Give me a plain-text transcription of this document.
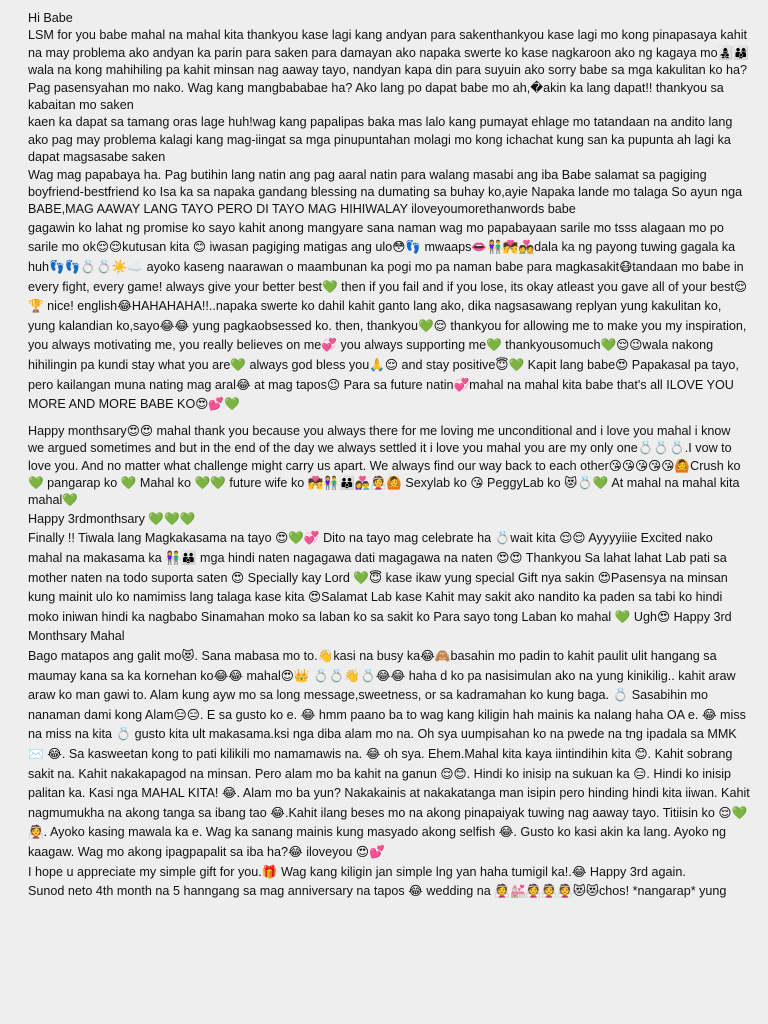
Hi Babe

LSM for you babe mahal na mahal kita thankyou kase lagi kang andyan para sakenthankyou kase lagi mo kong pinapasaya kahit na may problema ako andyan ka parin para saken para damayan ako napaka swerte ko kase nagkaroon ako ng kagaya mo👩‍👧‍👦👨‍👩‍👦wala na kong mahihiling pa kahit minsan nag aaway tayo, nandyan kapa din para suyuin ako sorry babe sa mga kakulitan ko ha?Pag pasensyahan mo nako. Wag kang mangbababae ha? Ako lang po dapat babe mo ah,�akin ka lang dapat!! thankyou sa kabaitan mo saken

kaen ka dapat sa tamang oras lage huh!wag kang papalipas baka mas lalo kang pumayat ehlage mo tatandaan na andito lang ako pag may problema kalagi kang mag-iingat sa mga pinupuntahan molagi mo kong ichachat kung san ka pupunta ah lagi ka dapat magsasabe saken

Wag mag papabaya ha. Pag butihin lang natin ang pag aaral natin para walang masabi ang iba Babe salamat sa pagiging boyfriend-bestfriend ko Isa ka sa napaka gandang blessing na dumating sa buhay ko,ayie Napaka lande mo talaga So ayun nga BABE,MAG AAWAY LANG TAYO PERO DI TAYO MAG HIHIWALAY iloveyoumorethanwords babe

gagawin ko lahat ng promise ko sayo kahit anong mangyare sana naman wag mo papabayaan sarile mo tsss alagaan mo po sarile mo ok😌😌kutusan kita 😊 iwasan pagiging matigas ang ulo😳👣 mwaaps👄👫💏💑dala ka ng payong tuwing gagala ka huh👣👣💍💍☀️☁️ ayoko kaseng naarawan o maambunan ka pogi mo pa naman babe para magkasakit😷tandaan mo babe in every fight, every game! always give your better best💚 then if you fail and if you lose, its okay atleast you gave all of your best😌🏆 nice! english😂HAHAHAHA!!..napaka swerte ko dahil kahit ganto lang ako, dika nagsasawang replyan yung kakulitan ko, yung kalandian ko,sayo😂😂 yung pagkaobsessed ko. then, thankyou💚😌 thankyou for allowing me to make you my inspiration, you always motivating me, you really believes on me💞 you always supporting me💚 thankyousomuch💚😌😉wala nakong hihilingin pa kundi stay what you are💚 always god bless you🙏😌 and stay positive😇💚 Kapit lang babe😍 Papakasal pa tayo, pero kailangan muna nating mag aral😂 at mag tapos😉 Para sa future natin💞mahal na mahal kita babe that's all ILOVE YOU MORE AND MORE BABE KO😍💕💚

Happy monthsary😍😍 mahal thank you because you always there for me loving me unconditional and i love you mahal i know we argued sometimes and but in the end of the day we always settled it i love you mahal you are my only one💍💍💍.I vow to love you. And no matter what challenge might carry us apart. We always find our way back to each other😘😘😘😘😘🙆Crush ko 💚 pangarap ko 💚 Mahal ko 💚💚 future wife ko 💏👫👪👩‍❤️‍👨👰🙆 Sexylab ko 😘 PeggyLab ko 😻💍💚 At mahal na mahal kita mahal💚

Happy 3rdmonthsary 💚💚💚

Finally !! Tiwala lang Magkakasama na tayo 😍💚💞 Dito na tayo mag celebrate ha 💍wait kita 😌😌 Ayyyyiiie Excited nako mahal na makasama ka 👫👪 mga hindi naten nagagawa dati magagawa na naten 😍😍 Thankyou Sa lahat lahat Lab pati sa mother naten na todo suporta saten 😍 Specially kay Lord 💚😇 kase ikaw yung special Gift nya sakin 😍Pasensya na minsan kung mainit ulo ko namimiss lang talaga kase kita 😍Salamat Lab kase Kahit may sakit ako nandito ka paden sa tabi ko hindi moko iniwan hindi ka nagbabo Sinamahan moko sa laban ko sa sakit ko Para sayo tong Laban ko mahal 💚 Ugh😍 Happy 3rd Monthsary Mahal

Bago matapos ang galit mo😻. Sana mabasa mo to.👋kasi na busy ka😂🙈basahin mo padin to kahit paulit ulit hangang sa maumay kana sa ka kornehan ko😂😂 mahal😍👑 💍💍👋💍😂😂 haha d ko pa nasisimulan ako na yung kinikilig.. kahit araw araw ko man gawi to. Alam kung ayw mo sa long message,sweetness, or sa kadramahan ko kung baga. 💍 Sasabihin mo nanaman dami kong Alam😑😑. E sa gusto ko e. 😂 hmm paano ba to wag kang kiligin hah mainis ka nalang haha OA e. 😂 miss na miss na kita 💍 gusto kita ult makasama.ksi nga diba alam mo na. Oh sya uumpisahan ko na pwede na tng ipadala sa MMK✉️ 😂. Sa kasweetan kong to pati kilikili mo namamawis na. 😂 oh sya. Ehem.Mahal kita kaya iintindihin kita 😊. Kahit sobrang sakit na. Kahit nakakapagod na minsan. Pero alam mo ba kahit na ganun 😌😊. Hindi ko inisip na sukuan ka 😑. Hindi ko inisip palitan ka. Kasi nga MAHAL KITA! 😂. Alam mo ba yun? Nakakainis at nakakatanga man isipin pero hinding hindi kita iiwan. Kahit nagmumukha na akong tanga sa ibang tao 😂.Kahit ilang beses mo na akong pinapaiyak tuwing nag aaway tayo. Titiisin ko 😌💚👰. Ayoko kasing mawala ka e. Wag ka sanang mainis kung masyado akong selfish 😂. Gusto ko kasi akin ka lang. Ayoko ng kaagaw. Wag mo akong ipagpapalit sa iba ha?😂 iloveyou 😍💕

I hope u appreciate my simple gift for you.🎁 Wag kang kiligin jan simple lng yan haha tumigil ka!.😂 Happy 3rd again.

Sunod neto 4th month na 5 hanngang sa mag anniversary na tapos 😂 wedding na 👰💒👰👰👰😻😻chos! *nangarap* yung
